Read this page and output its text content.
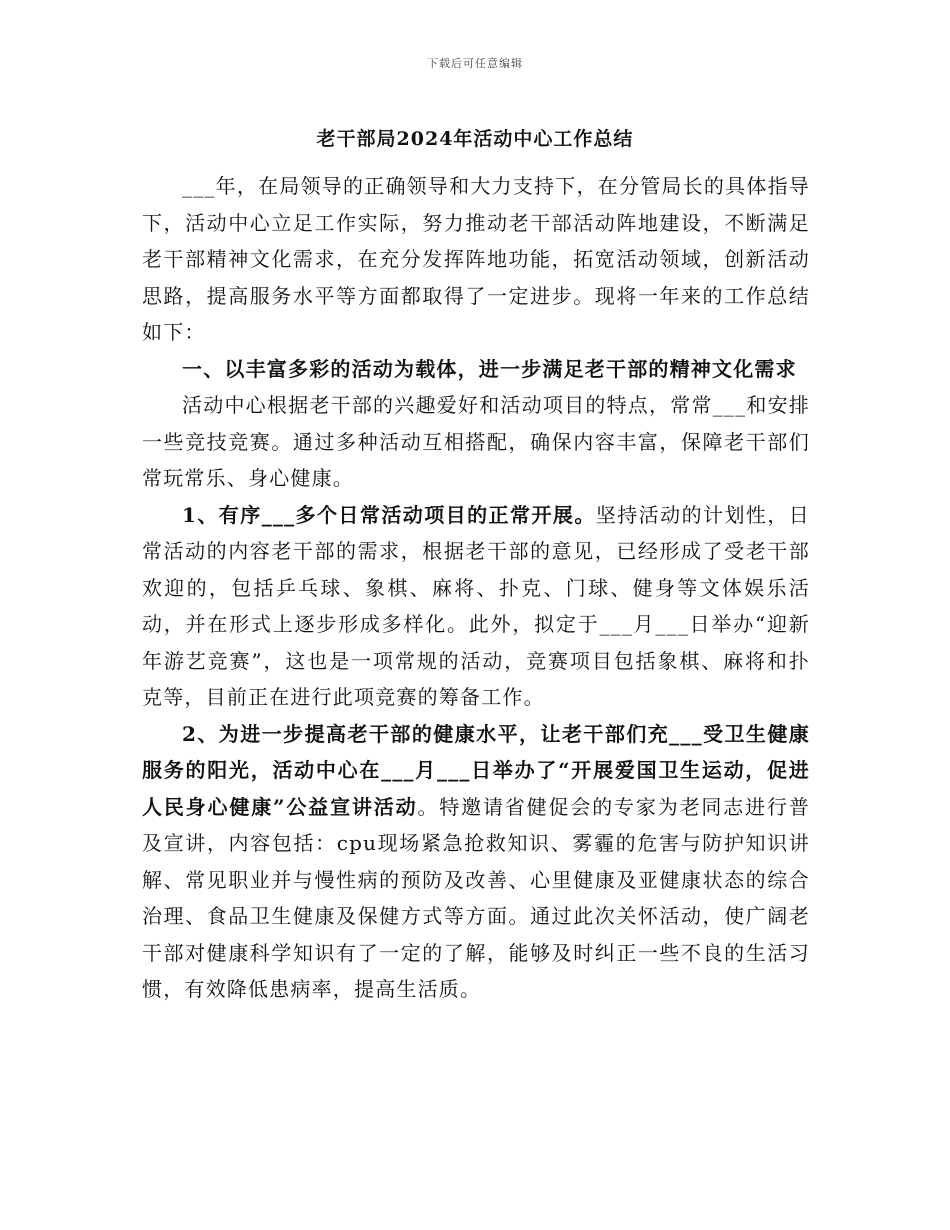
下载后可任意编辑
老干部局2024年活动中心工作总结

___年，在局领导的正确领导和大力支持下，在分管局长的具体指导下，活动中心立足工作实际，努力推动老干部活动阵地建设，不断满足老干部精神文化需求，在充分发挥阵地功能，拓宽活动领域，创新活动思路，提高服务水平等方面都取得了一定进步。现将一年来的工作总结如下：

一、以丰富多彩的活动为载体，进一步满足老干部的精神文化需求

活动中心根据老干部的兴趣爱好和活动项目的特点，常常___和安排一些竞技竞赛。通过多种活动互相搭配，确保内容丰富，保障老干部们常玩常乐、身心健康。

1、有序___多个日常活动项目的正常开展。坚持活动的计划性，日常活动的内容老干部的需求，根据老干部的意见，已经形成了受老干部欢迎的，包括乒乓球、象棋、麻将、扑克、门球、健身等文体娱乐活动，并在形式上逐步形成多样化。此外，拟定于___月___日举办“迎新年游艺竞赛”，这也是一项常规的活动，竞赛项目包括象棋、麻将和扑克等，目前正在进行此项竞赛的筹备工作。

2、为进一步提高老干部的健康水平，让老干部们充___受卫生健康服务的阳光，活动中心在___月___日举办了“开展爱国卫生运动，促进人民身心健康”公益宣讲活动。特邀请省健促会的专家为老同志进行普及宣讲，内容包括：cpu现场紧急抢救知识、雾霾的危害与防护知识讲解、常见职业并与慢性病的预防及改善、心里健康及亚健康状态的综合治理、食品卫生健康及保健方式等方面。通过此次关怀活动，使广阔老干部对健康科学知识有了一定的了解，能够及时纠正一些不良的生活习惯，有效降低患病率，提高生活质。
